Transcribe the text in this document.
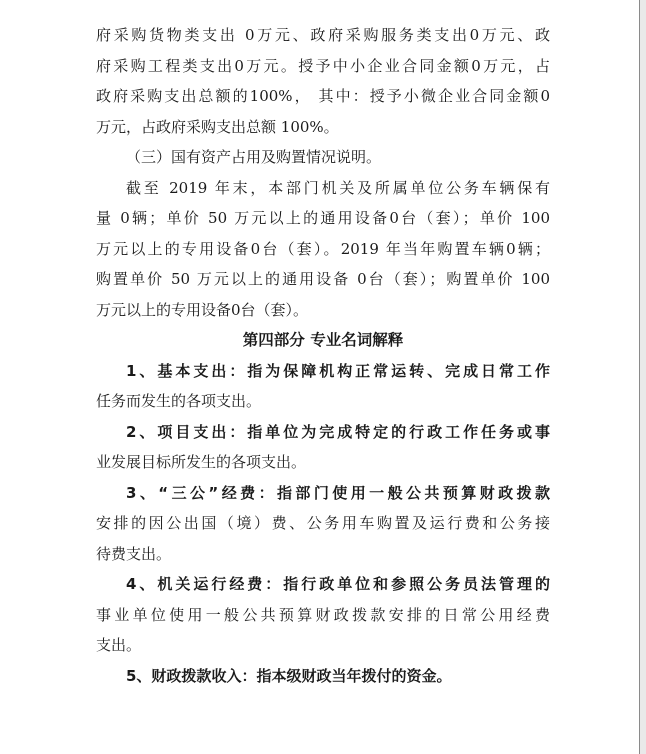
府采购货物类支出 0万元、政府采购服务类支出0万元、政
府采购工程类支出0万元。授予中小企业合同金额0万元，占
政府采购支出总额的100%， 其中：授予小微企业合同金额0
万元，占政府采购支出总额 100%。
（三）国有资产占用及购置情况说明。
截至 2019 年末，本部门机关及所属单位公务车辆保有
量 0辆；单价 50 万元以上的通用设备0台（套）；单价 100
万元以上的专用设备0台（套）。2019 年当年购置车辆0辆；
购置单价 50 万元以上的通用设备 0台（套）；购置单价 100
万元以上的专用设备0台（套）。
第四部分 专业名词解释
1、基本支出：指为保障机构正常运转、完成日常工作
任务而发生的各项支出。
2、项目支出：指单位为完成特定的行政工作任务或事
业发展目标所发生的各项支出。
3、“三公”经费：指部门使用一般公共预算财政拨款
安排的因公出国（境）费、公务用车购置及运行费和公务接
待费支出。
4、机关运行经费：指行政单位和参照公务员法管理的
事业单位使用一般公共预算财政拨款安排的日常公用经费
支出。
5、财政拨款收入：指本级财政当年拨付的资金。
